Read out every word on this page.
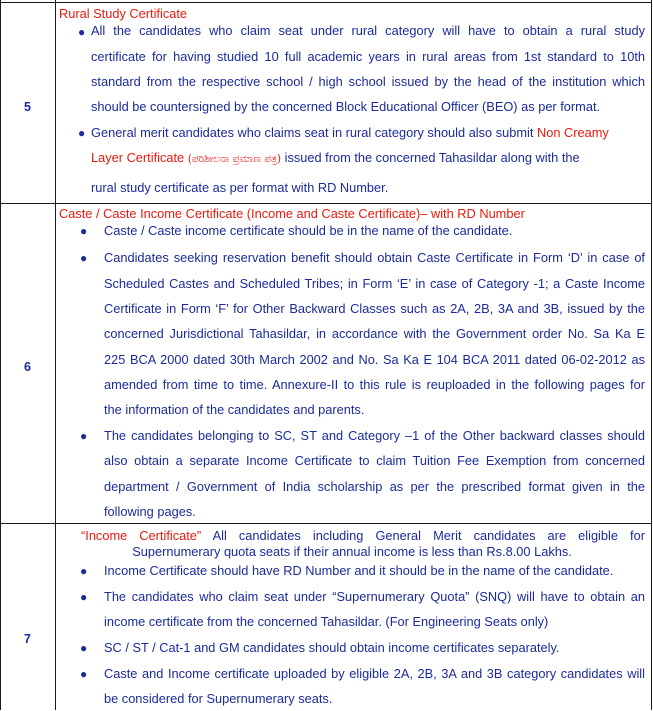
5
Rural Study Certificate
● All the candidates who claim seat under rural category will have to obtain a rural study
certificate for having studied 10 full academic years in rural areas from 1st standard to 10th
standard from the respective school / high school issued by the head of the institution which
should be countersigned by the concerned Block Educational Officer (BEO) as per format.
● General merit candidates who claims seat in rural category should also submit Non Creamy
Layer Certificate (ಪರಿಶೀಲನಾ ಪ್ರಮಾಣ ಪತ್ರ) issued from the concerned Tahasildar along with the
rural study certificate as per format with RD Number.
6
Caste / Caste Income Certificate (Income and Caste Certificate)– with RD Number
● Caste / Caste income certificate should be in the name of the candidate.
● Candidates seeking reservation benefit should obtain Caste Certificate in Form ‘D’ in case of
Scheduled Castes and Scheduled Tribes; in Form ‘E’ in case of Category -1; a Caste Income
Certificate in Form ‘F’ for Other Backward Classes such as 2A, 2B, 3A and 3B, issued by the
concerned Jurisdictional Tahasildar, in accordance with the Government order No. Sa Ka E
225 BCA 2000 dated 30th March 2002 and No. Sa Ka E 104 BCA 2011 dated 06-02-2012 as
amended from time to time. Annexure-II to this rule is reuploaded in the following pages for
the information of the candidates and parents.
● The candidates belonging to SC, ST and Category –1 of the Other backward classes should
also obtain a separate Income Certificate to claim Tuition Fee Exemption from concerned
department / Government of India scholarship as per the prescribed format given in the
following pages.
7
“Income Certificate” All candidates including General Merit candidates are eligible for
Supernumerary quota seats if their annual income is less than Rs.8.00 Lakhs.
● Income Certificate should have RD Number and it should be in the name of the candidate.
● The candidates who claim seat under “Supernumerary Quota” (SNQ) will have to obtain an
income certificate from the concerned Tahasildar. (For Engineering Seats only)
● SC / ST / Cat-1 and GM candidates should obtain income certificates separately.
● Caste and Income certificate uploaded by eligible 2A, 2B, 3A and 3B category candidates will
be considered for Supernumerary seats.
